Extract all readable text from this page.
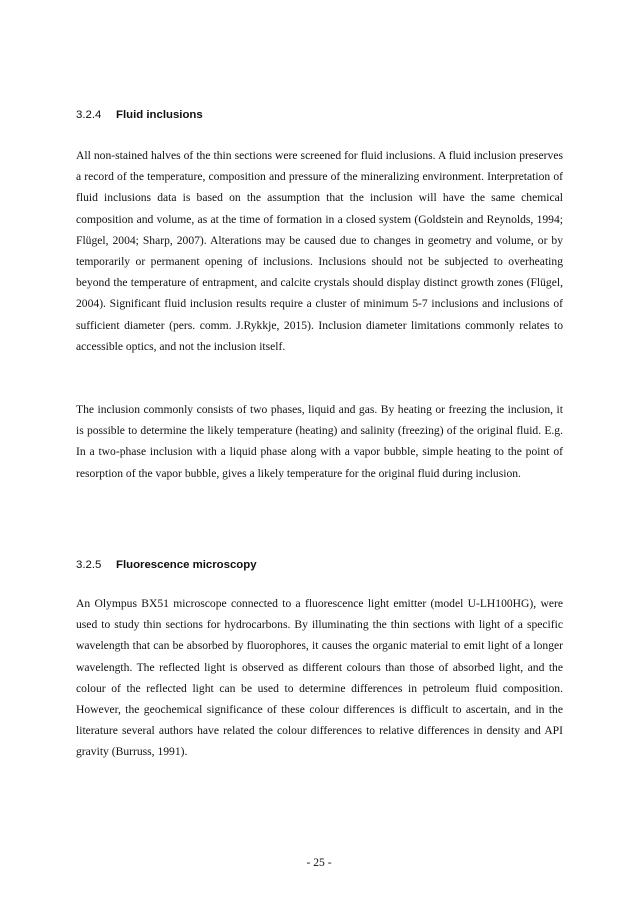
3.2.4 Fluid inclusions

All non-stained halves of the thin sections were screened for fluid inclusions. A fluid inclusion preserves a record of the temperature, composition and pressure of the mineralizing environment. Interpretation of fluid inclusions data is based on the assumption that the inclusion will have the same chemical composition and volume, as at the time of formation in a closed system (Goldstein and Reynolds, 1994; Flügel, 2004; Sharp, 2007). Alterations may be caused due to changes in geometry and volume, or by temporarily or permanent opening of inclusions. Inclusions should not be subjected to overheating beyond the temperature of entrapment, and calcite crystals should display distinct growth zones (Flügel, 2004). Significant fluid inclusion results require a cluster of minimum 5-7 inclusions and inclusions of sufficient diameter (pers. comm. J.Rykkje, 2015). Inclusion diameter limitations commonly relates to accessible optics, and not the inclusion itself.

The inclusion commonly consists of two phases, liquid and gas. By heating or freezing the inclusion, it is possible to determine the likely temperature (heating) and salinity (freezing) of the original fluid. E.g. In a two-phase inclusion with a liquid phase along with a vapor bubble, simple heating to the point of resorption of the vapor bubble, gives a likely temperature for the original fluid during inclusion.

3.2.5 Fluorescence microscopy

An Olympus BX51 microscope connected to a fluorescence light emitter (model U-LH100HG), were used to study thin sections for hydrocarbons. By illuminating the thin sections with light of a specific wavelength that can be absorbed by fluorophores, it causes the organic material to emit light of a longer wavelength. The reflected light is observed as different colours than those of absorbed light, and the colour of the reflected light can be used to determine differences in petroleum fluid composition. However, the geochemical significance of these colour differences is difficult to ascertain, and in the literature several authors have related the colour differences to relative differences in density and API gravity (Burruss, 1991).

- 25 -
